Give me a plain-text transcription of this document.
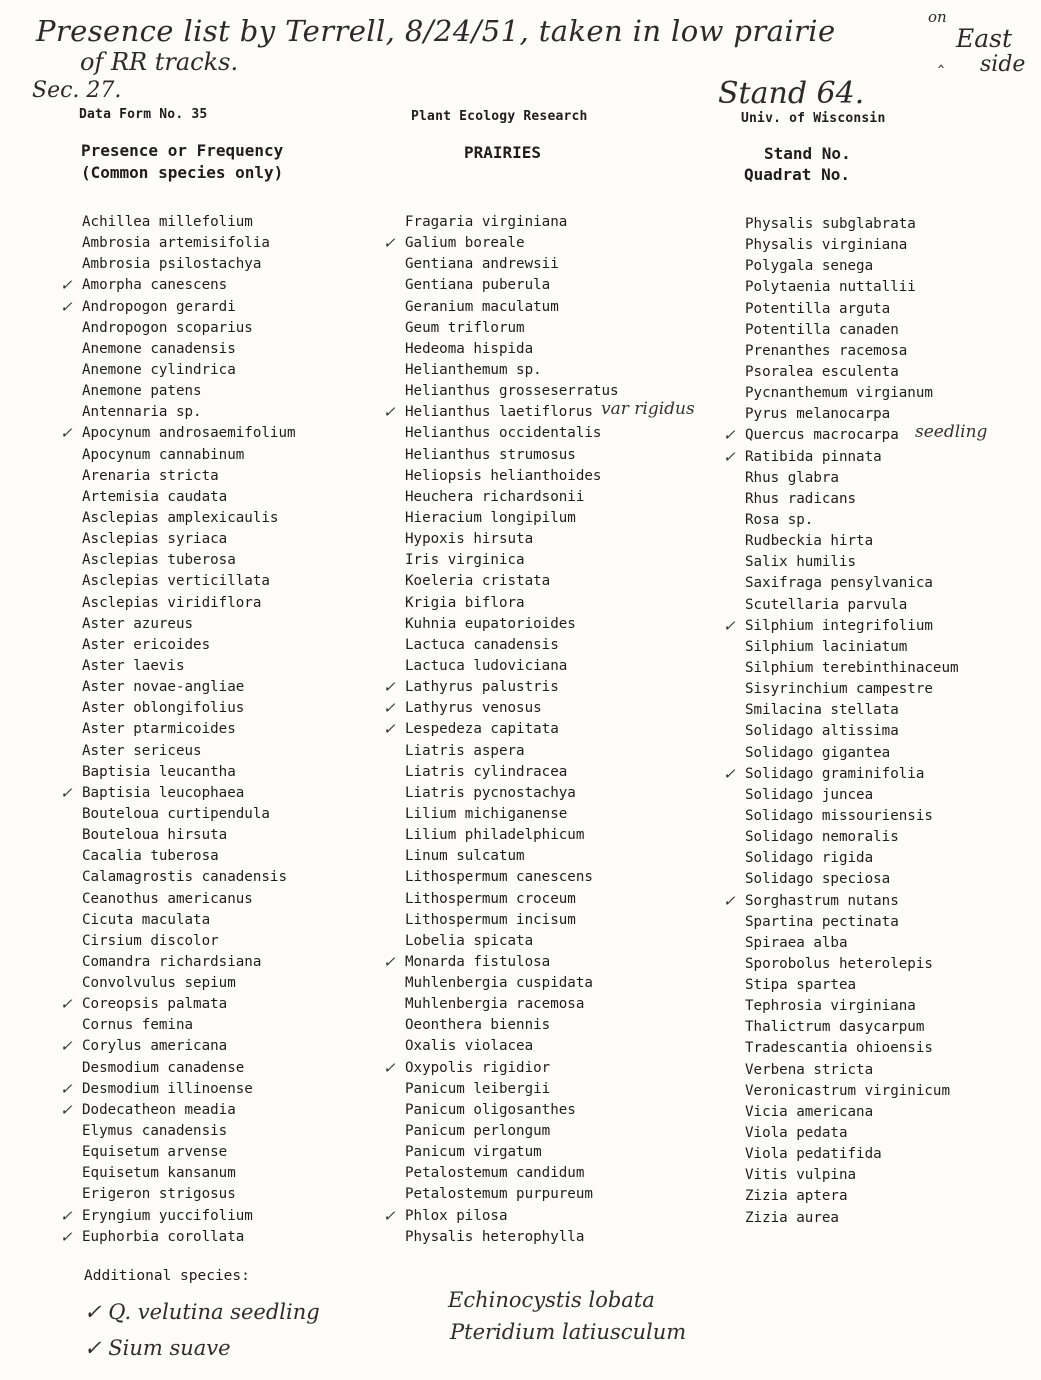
Presence list by Terrell, 8/24/51, taken in low prairie	on
‸
East
side
of RR tracks.
Sec. 27.	Stand 64.
Data Form No. 35	Plant Ecology Research	Univ. of Wisconsin
Presence or Frequency
(Common species only)
PRAIRIES	Stand No.
Quadrat No.
Achillea millefolium
Ambrosia artemisifolia
Ambrosia psilostachya
✓ Amorpha canescens
✓ Andropogon gerardi
Andropogon scoparius
Anemone canadensis
Anemone cylindrica
Anemone patens
Antennaria sp.
✓ Apocynum androsaemifolium
Apocynum cannabinum
Arenaria stricta
Artemisia caudata
Asclepias amplexicaulis
Asclepias syriaca
Asclepias tuberosa
Asclepias verticillata
Asclepias viridiflora
Aster azureus
Aster ericoides
Aster laevis
Aster novae-angliae
Aster oblongifolius
Aster ptarmicoides
Aster sericeus
Baptisia leucantha
✓ Baptisia leucophaea
Bouteloua curtipendula
Bouteloua hirsuta
Cacalia tuberosa
Calamagrostis canadensis
Ceanothus americanus
Cicuta maculata
Cirsium discolor
Comandra richardsiana
Convolvulus sepium
✓ Coreopsis palmata
Cornus femina
✓ Corylus americana
Desmodium canadense
✓ Desmodium illinoense
✓ Dodecatheon meadia
Elymus canadensis
Equisetum arvense
Equisetum kansanum
Erigeron strigosus
✓ Eryngium yuccifolium
✓ Euphorbia corollata
Fragaria virginiana
✓ Galium boreale
Gentiana andrewsii
Gentiana puberula
Geranium maculatum
Geum triflorum
Hedeoma hispida
Helianthemum sp.
Helianthus grosseserratus
✓ Helianthus laetiflorus var rigidus
Helianthus occidentalis
Helianthus strumosus
Heliopsis helianthoides
Heuchera richardsonii
Hieracium longipilum
Hypoxis hirsuta
Iris virginica
Koeleria cristata
Krigia biflora
Kuhnia eupatorioides
Lactuca canadensis
Lactuca ludoviciana
✓ Lathyrus palustris
✓ Lathyrus venosus
✓ Lespedeza capitata
Liatris aspera
Liatris cylindracea
Liatris pycnostachya
Lilium michiganense
Lilium philadelphicum
Linum sulcatum
Lithospermum canescens
Lithospermum croceum
Lithospermum incisum
Lobelia spicata
✓ Monarda fistulosa
Muhlenbergia cuspidata
Muhlenbergia racemosa
Oeonthera biennis
Oxalis violacea
✓ Oxypolis rigidior
Panicum leibergii
Panicum oligosanthes
Panicum perlongum
Panicum virgatum
Petalostemum candidum
Petalostemum purpureum
✓ Phlox pilosa
Physalis heterophylla
Physalis subglabrata
Physalis virginiana
Polygala senega
Polytaenia nuttallii
Potentilla arguta
Potentilla canaden
Prenanthes racemosa
Psoralea esculenta
Pycnanthemum virgianum
Pyrus melanocarpa
✓ Quercus macrocarpa seedling
✓ Ratibida pinnata
Rhus glabra
Rhus radicans
Rosa sp.
Rudbeckia hirta
Salix humilis
Saxifraga pensylvanica
Scutellaria parvula
✓ Silphium integrifolium
Silphium laciniatum
Silphium terebinthinaceum
Sisyrinchium campestre
Smilacina stellata
Solidago altissima
Solidago gigantea
✓ Solidago graminifolia
Solidago juncea
Solidago missouriensis
Solidago nemoralis
Solidago rigida
Solidago speciosa
✓ Sorghastrum nutans
Spartina pectinata
Spiraea alba
Sporobolus heterolepis
Stipa spartea
Tephrosia virginiana
Thalictrum dasycarpum
Tradescantia ohioensis
Verbena stricta
Veronicastrum virginicum
Vicia americana
Viola pedata
Viola pedatifida
Vitis vulpina
Zizia aptera
Zizia aurea
Additional species:
✓ Q. velutina seedling
✓ Sium suave
Echinocystis lobata
Pteridium latiusculum
